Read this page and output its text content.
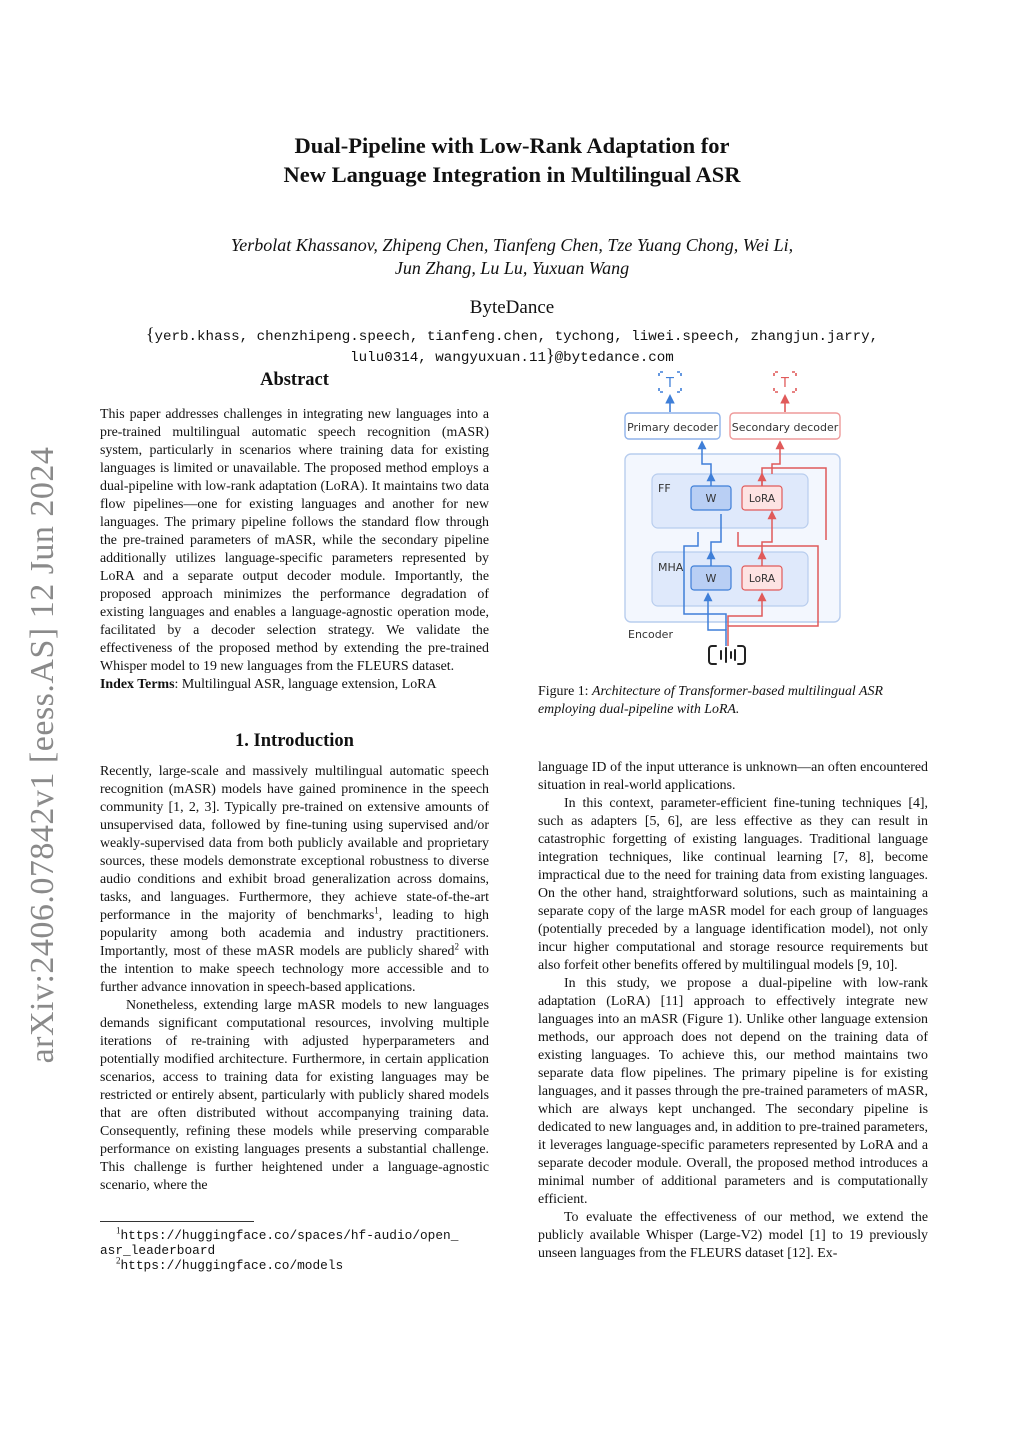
arXiv:2406.07842v1 [eess.AS] 12 Jun 2024
Dual-Pipeline with Low-Rank Adaptation for
New Language Integration in Multilingual ASR
Yerbolat Khassanov, Zhipeng Chen, Tianfeng Chen, Tze Yuang Chong, Wei Li,
Jun Zhang, Lu Lu, Yuxuan Wang
ByteDance
{yerb.khass, chenzhipeng.speech, tianfeng.chen, tychong, liwei.speech, zhangjun.jarry,
lulu0314, wangyuxuan.11}@bytedance.com
Abstract

This paper addresses challenges in integrating new languages into a pre-trained multilingual automatic speech recognition (mASR) system, particularly in scenarios where training data for existing languages is limited or unavailable. The proposed method employs a dual-pipeline with low-rank adaptation (LoRA). It maintains two data flow pipelines—one for existing languages and another for new languages. The primary pipeline follows the standard flow through the pre-trained parameters of mASR, while the secondary pipeline additionally utilizes language-specific parameters represented by LoRA and a separate output decoder module. Importantly, the proposed approach minimizes the performance degradation of existing languages and enables a language-agnostic operation mode, facilitated by a decoder selection strategy. We validate the effectiveness of the proposed method by extending the pre-trained Whisper model to 19 new languages from the FLEURS dataset.

Index Terms: Multilingual ASR, language extension, LoRA

1. Introduction

Recently, large-scale and massively multilingual automatic speech recognition (mASR) models have gained prominence in the speech community [1, 2, 3]. Typically pre-trained on extensive amounts of unsupervised data, followed by fine-tuning using supervised and/or weakly-supervised data from both publicly available and proprietary sources, these models demonstrate exceptional robustness to diverse audio conditions and exhibit broad generalization across domains, tasks, and languages. Furthermore, they achieve state-of-the-art performance in the majority of benchmarks$^1$, leading to high popularity among both academia and industry practitioners. Importantly, most of these mASR models are publicly shared$^2$ with the intention to make speech technology more accessible and to further advance innovation in speech-based applications.

Nonetheless, extending large mASR models to new languages demands significant computational resources, involving multiple iterations of re-training with adjusted hyperparameters and potentially modified architecture. Furthermore, in certain application scenarios, access to training data for existing languages may be restricted or entirely absent, particularly with publicly shared models that are often distributed without accompanying training data. Consequently, refining these models while preserving comparable performance on existing languages presents a substantial challenge. This challenge is further heightened under a language-agnostic scenario, where the

$^1$https://huggingface.co/spaces/hf-audio/open_
asr_leaderboard
$^2$https://huggingface.co/models
T	T
Primary decoder Secondary decoder
Encoder
FF
W	LoRA
MHA
W	LoRA
Figure 1: Architecture of Transformer-based multilingual ASR employing dual-pipeline with LoRA.

language ID of the input utterance is unknown—an often encountered situation in real-world applications.

In this context, parameter-efficient fine-tuning techniques [4], such as adapters [5, 6], are less effective as they can result in catastrophic forgetting of existing languages. Traditional language integration techniques, like continual learning [7, 8], become impractical due to the need for training data from existing languages. On the other hand, straightforward solutions, such as maintaining a separate copy of the large mASR model for each group of languages (potentially preceded by a language identification model), not only incur higher computational and storage resource requirements but also forfeit other benefits offered by multilingual models [9, 10].

In this study, we propose a dual-pipeline with low-rank adaptation (LoRA) [11] approach to effectively integrate new languages into an mASR (Figure 1). Unlike other language extension methods, our approach does not depend on the training data of existing languages. To achieve this, our method maintains two separate data flow pipelines. The primary pipeline is for existing languages, and it passes through the pre-trained parameters of mASR, which are always kept unchanged. The secondary pipeline is dedicated to new languages and, in addition to pre-trained parameters, it leverages language-specific parameters represented by LoRA and a separate decoder module. Overall, the proposed method introduces a minimal number of additional parameters and is computationally efficient.

To evaluate the effectiveness of our method, we extend the publicly available Whisper (Large-V2) model [1] to 19 previously unseen languages from the FLEURS dataset [12]. Ex-
